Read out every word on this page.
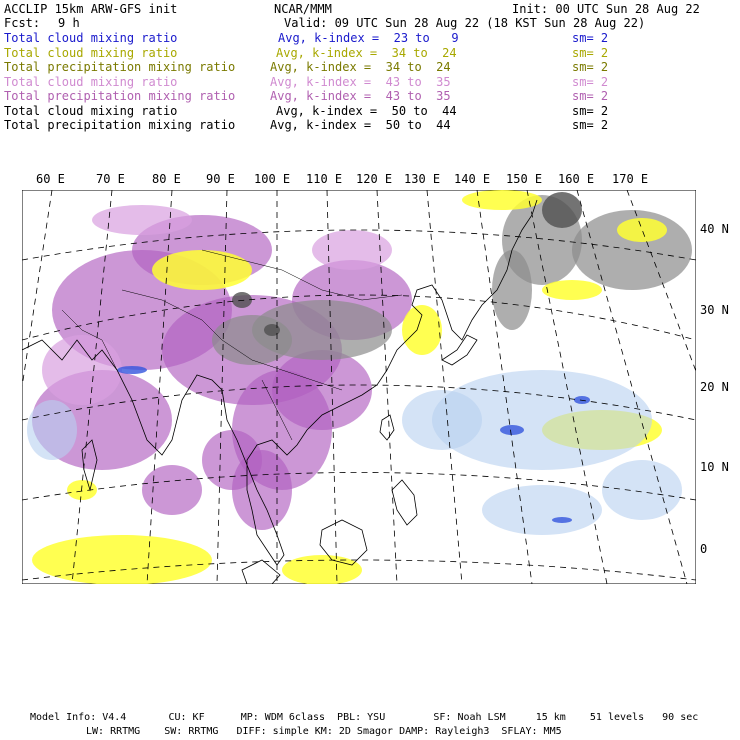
ACCLIP 15km ARW-GFS init	NCAR/MMM	Init: 00 UTC Sun 28 Aug 22
Fcst: 9 h	Valid: 09 UTC Sun 28 Aug 22 (18 KST Sun 28 Aug 22)
Total cloud mixing ratio	Avg, k-index =  23 to   9	sm= 2
Total cloud mixing ratio	Avg, k-index =  34 to  24	sm= 2
Total precipitation mixing ratio	Avg, k-index =  34 to  24	sm= 2
Total cloud mixing ratio	Avg, k-index =  43 to  35	sm= 2
Total precipitation mixing ratio	Avg, k-index =  43 to  35	sm= 2
Total cloud mixing ratio	Avg, k-index =  50 to  44	sm= 2
Total precipitation mixing ratio	Avg, k-index =  50 to  44	sm= 2
60 E	70 E 80 E 90 E 100 E 110 E 120 E 130 E 140 E 150 E 160 E 170 E
40 N
30 N
20 N
10 N
0
Model Info: V4.4       CU: KF      MP: WDM 6class  PBL: YSU        SF: Noah LSM     15 km    51 levels   90 sec
LW: RRTMG    SW: RRTMG   DIFF: simple KM: 2D Smagor DAMP: Rayleigh3  SFLAY: MM5
